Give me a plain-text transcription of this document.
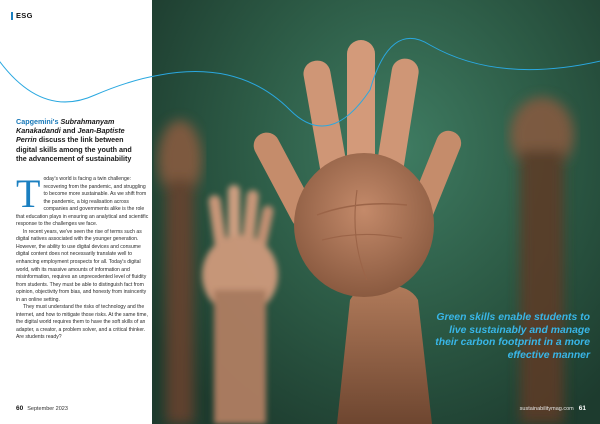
ESG
Capgemini's Subrahmanyam Kanakadandi and Jean-Baptiste Perrin discuss the link between digital skills among the youth and the advancement of sustainability

Today's world is facing a twin challenge: recovering from the pandemic, and struggling to become more sustainable. As we shift from the pandemic, a big realisation across companies and governments alike is the role that education plays in ensuring an analytical and scientific response to the challenges we face.

In recent years, we've seen the rise of terms such as digital natives associated with the younger generation. However, the ability to use digital devices and consume digital content does not necessarily translate well to enhancing employment prospects for all. Today's digital world, with its massive amounts of information and misinformation, requires an unprecedented level of fluidity from students. They must be able to distinguish fact from opinion, objectivity from bias, and honesty from insincerity in an online setting.

They must understand the risks of technology and the internet, and how to mitigate those risks. At the same time, the digital world requires them to have the soft skills of an adapter, a creator, a problem solver, and a critical thinker. Are students ready?

60 September 2023
Green skills enable students to live sustainably and manage their carbon footprint in a more effective manner
sustainabilitymag.com 61
